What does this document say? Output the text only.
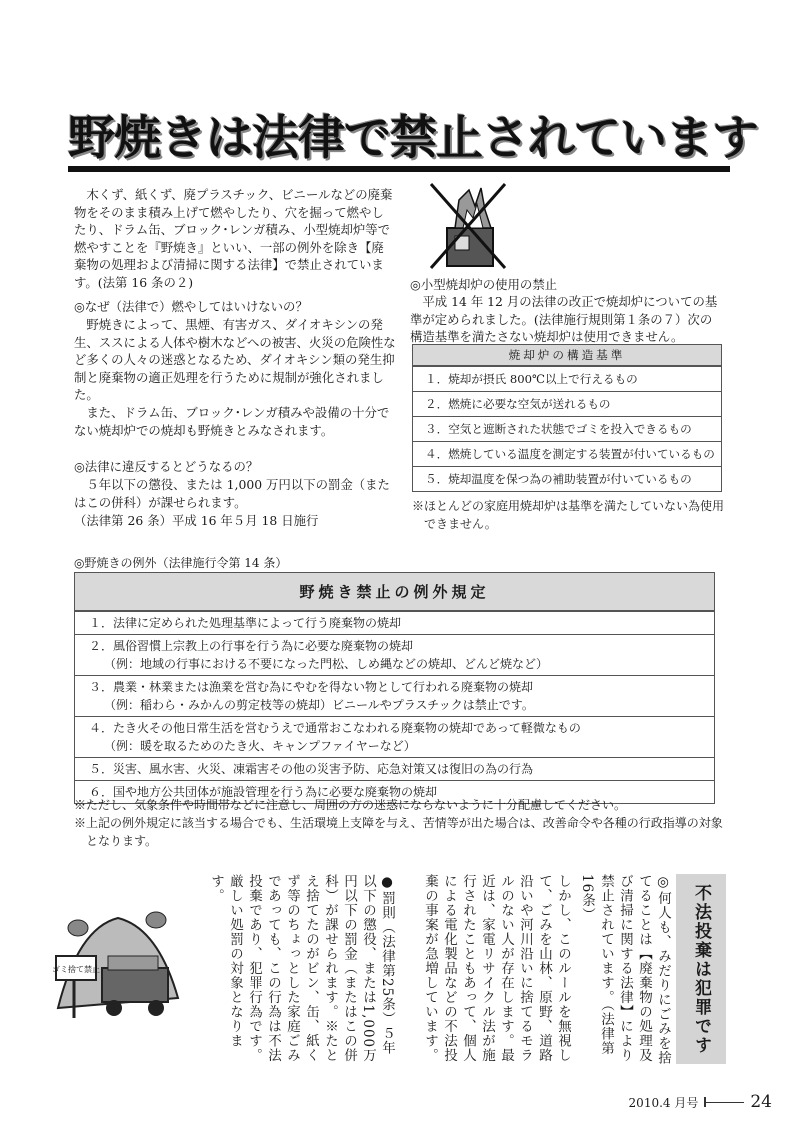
野焼きは法律で禁止されています
木くず、紙くず、廃プラスチック、ビニールなどの廃棄物をそのまま積み上げて燃やしたり、穴を掘って燃やしたり、ドラム缶、ブロック･レンガ積み、小型焼却炉等で燃やすことを『野焼き』といい、一部の例外を除き【廃棄物の処理および清掃に関する法律】で禁止されています。(法第 16 条の２)
◎なぜ（法律で）燃やしてはいけないの？
野焼きによって、黒煙、有害ガス、ダイオキシンの発生、ススによる人体や樹木などへの被害、火災の危険性など多くの人々の迷惑となるため、ダイオキシン類の発生抑制と廃棄物の適正処理を行うために規制が強化されました。
また、ドラム缶、ブロック･レンガ積みや設備の十分でない焼却炉での焼却も野焼きとみなされます。
◎法律に違反するとどうなるの？
５年以下の懲役、または 1,000 万円以下の罰金（またはこの併科）が課せられます。
（法律第 26 条）平成 16 年５月 18 日施行
◎小型焼却炉の使用の禁止
平成 14 年 12 月の法律の改正で焼却炉についての基準が定められました。(法律施行規則第１条の７）次の構造基準を満たさない焼却炉は使用できません。
焼却炉の構造基準
１．焼却が摂氏 800℃以上で行えるもの
２．燃焼に必要な空気が送れるもの
３．空気と遮断された状態でゴミを投入できるもの
４．燃焼している温度を測定する装置が付いているもの
５．焼却温度を保つ為の補助装置が付いているもの
※ほとんどの家庭用焼却炉は基準を満たしていない為使用できません。
◎野焼きの例外（法律施行令第 14 条）
野焼き禁止の例外規定
１．法律に定められた処理基準によって行う廃棄物の焼却
２．風俗習慣上宗教上の行事を行う為に必要な廃棄物の焼却
（例：地域の行事における不要になった門松、しめ縄などの焼却、どんど焼など）
３．農業・林業または漁業を営む為にやむを得ない物として行われる廃棄物の焼却
（例：稲わら・みかんの剪定枝等の焼却）ビニールやプラスチックは禁止です。
４．たき火その他日常生活を営むうえで通常おこなわれる廃棄物の焼却であって軽微なもの
（例：暖を取るためのたき火、キャンプファイヤーなど）
５．災害、風水害、火災、凍霜害その他の災害予防、応急対策又は復旧の為の行為
６．国や地方公共団体が施設管理を行う為に必要な廃棄物の焼却
※ただし、気象条件や時間帯などに注意し、周囲の方の迷惑にならないように十分配慮してください。
※上記の例外規定に該当する場合でも、生活環境上支障を与え、苦情等が出た場合は、改善命令や各種の行政指導の対象となります。
不法投棄は犯罪です
◎何人も、みだりにごみを捨てることは【廃棄物の処理及び清掃に関する法律】により禁止されています。（法律第16条）
しかし、このルールを無視して、ごみを山林、原野、道路沿いや河川沿いに捨てるモラルのない人が存在します。最近は、家電リサイクル法が施行されたこともあって、個人による電化製品などの不法投棄の事案が急増しています。
●罰則（法律第25条）５年以下の懲役、または1,000万円以下の罰金（またはこの併科）が課せられます。※たとえ捨てたのがビン、缶、紙くず等のちょっとした家庭ごみであっても、この行為は不法投棄であり、犯罪行為です。厳しい処罰の対象となります。
ゴミ捨て禁止
2010.4 月号	24
